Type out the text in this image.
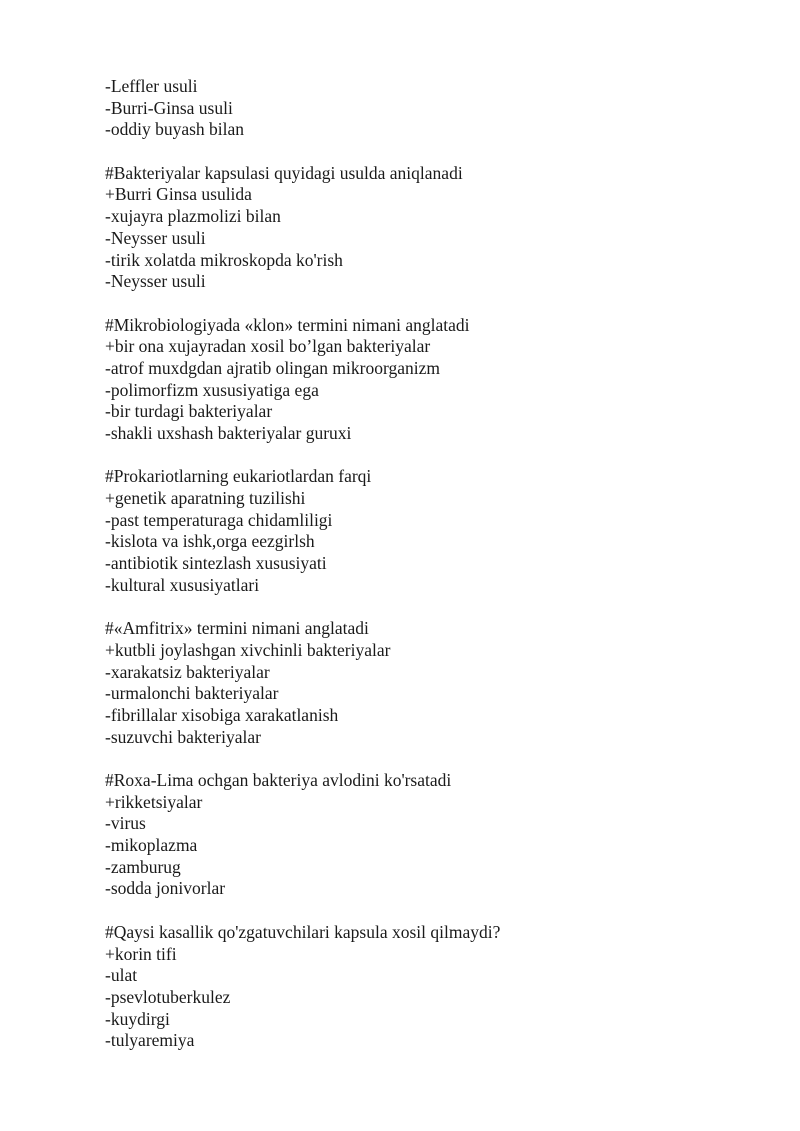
-Leffler usuli
-Burri-Ginsa usuli
-oddiy buyash bilan
#Bakteriyalar kapsulasi quyidagi usulda aniqlanadi
+Burri Ginsa usulida
-xujayra plazmolizi bilan
-Neysser usuli
-tirik xolatda mikroskopda ko'rish
-Neysser usuli
#Mikrobiologiyada «klon» termini nimani anglatadi
+bir ona xujayradan xosil bo’lgan bakteriyalar
-atrof muxdgdan ajratib olingan mikroorganizm
-polimorfizm xususiyatiga ega
-bir turdagi bakteriyalar
-shakli uxshash bakteriyalar guruxi
#Prokariotlarning eukariotlardan farqi
+genetik aparatning tuzilishi
-past temperaturaga chidamliligi
-kislota va ishk,orga eezgirlsh
-antibiotik sintezlash xususiyati
-kultural xususiyatlari
#«Amfitrix» termini nimani anglatadi
+kutbli joylashgan xivchinli bakteriyalar
-xarakatsiz bakteriyalar
-urmalonchi bakteriyalar
-fibrillalar xisobiga xarakatlanish
-suzuvchi bakteriyalar
#Roxa-Lima ochgan bakteriya avlodini ko'rsatadi
+rikketsiyalar
-virus
-mikoplazma
-zamburug
-sodda jonivorlar
#Qaysi kasallik qo'zgatuvchilari kapsula xosil qilmaydi?
+korin tifi
-ulat
-psevlotuberkulez
-kuydirgi
-tulyaremiya
